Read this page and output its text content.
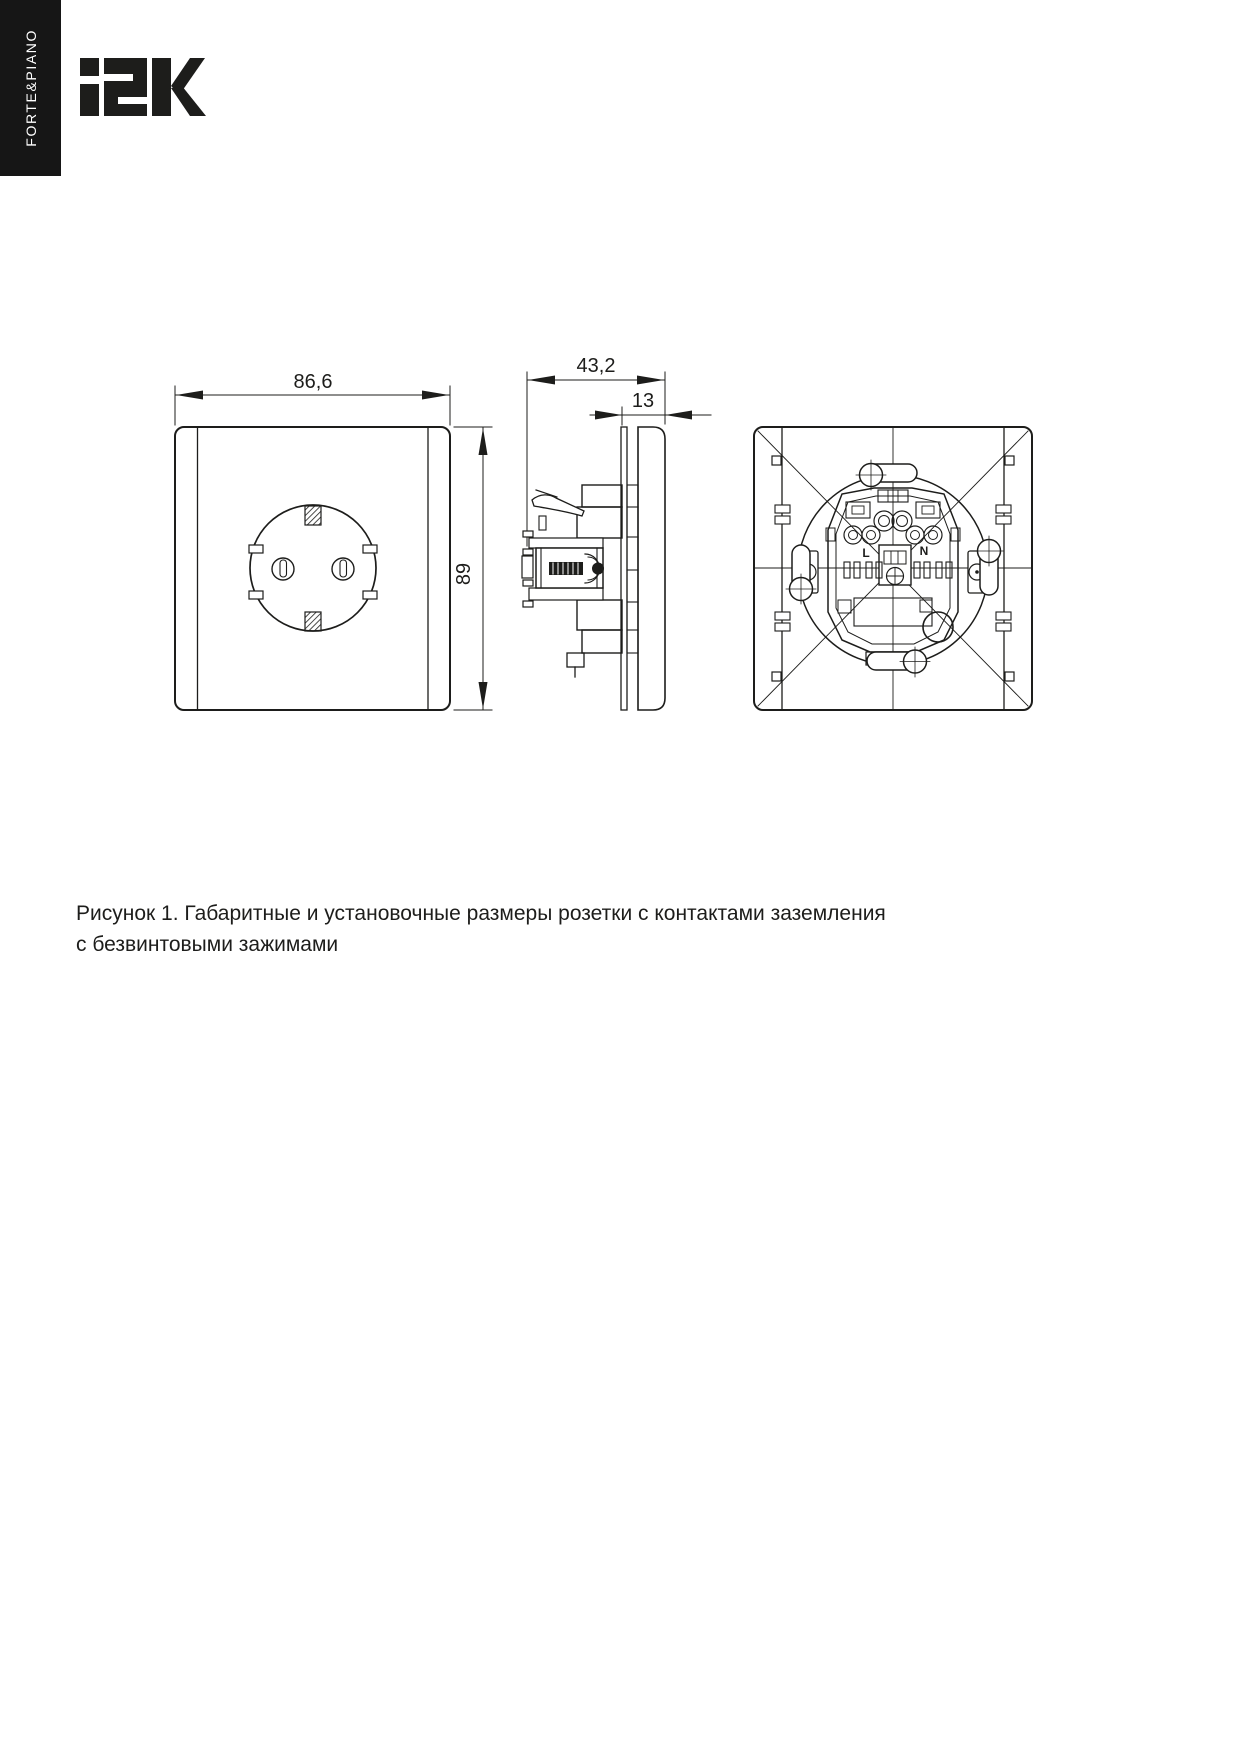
FORTE&PIANO
86,6
89
43,2
13
L	N
Рисунок 1. Габаритные и установочные размеры розетки с контактами заземления
с безвинтовыми зажимами
